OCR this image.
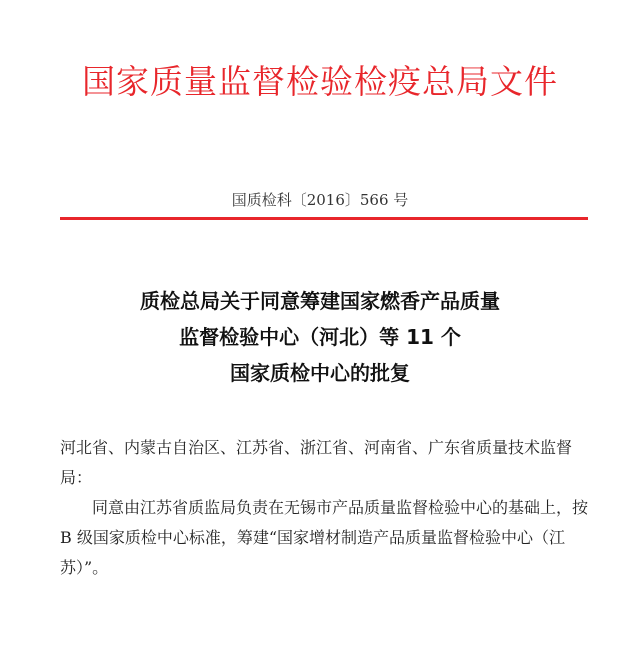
国家质量监督检验检疫总局文件
国质检科〔2016〕566 号
质检总局关于同意筹建国家燃香产品质量
监督检验中心（河北）等 11 个
国家质检中心的批复

河北省、内蒙古自治区、江苏省、浙江省、河南省、广东省质量技术监督局：

同意由江苏省质监局负责在无锡市产品质量监督检验中心的基础上，按 B 级国家质检中心标准，筹建“国家增材制造产品质量监督检验中心（江苏）”。
